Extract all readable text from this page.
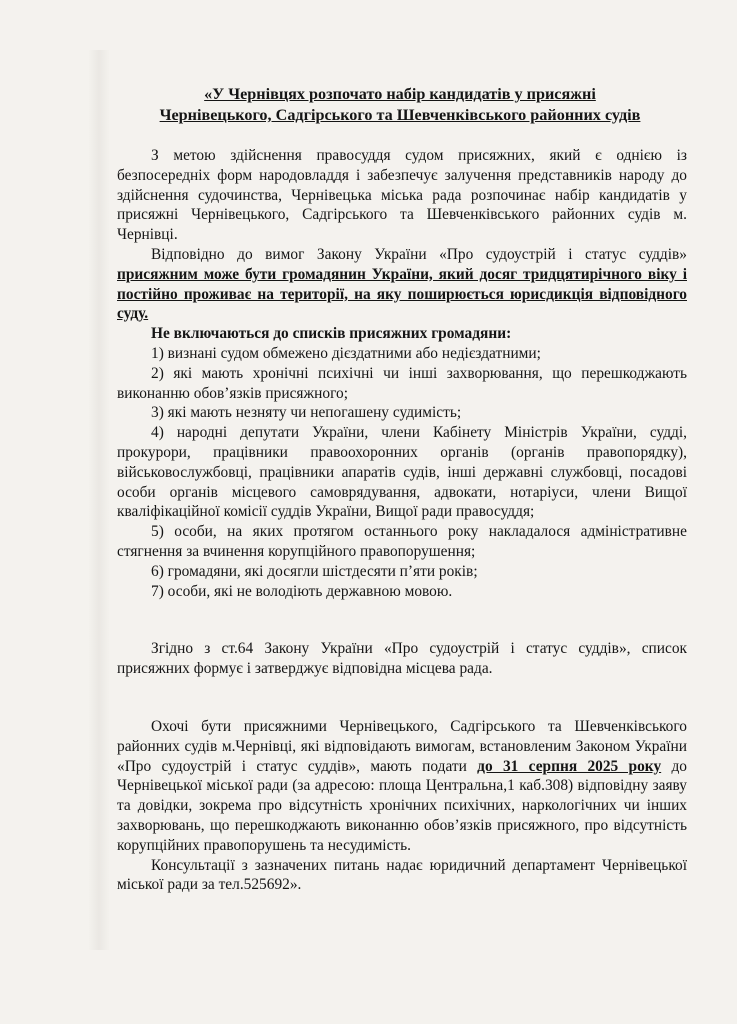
«У Чернівцях розпочато набір кандидатів у присяжні
Чернівецького, Садгірського та Шевченківського районних судів

З метою здійснення правосуддя судом присяжних, який є однією із безпосередніх форм народовладдя і забезпечує залучення представників народу до здійснення судочинства, Чернівецька міська рада розпочинає набір кандидатів у присяжні Чернівецького, Садгірського та Шевченківського районних судів м. Чернівці.

Відповідно до вимог Закону України «Про судоустрій і статус суддів» присяжним може бути громадянин України, який досяг тридцятирічного віку і постійно проживає на території, на яку поширюється юрисдикція відповідного суду.

Не включаються до списків присяжних громадяни:

1) визнані судом обмежено дієздатними або недієздатними;

2) які мають хронічні психічні чи інші захворювання, що перешкоджають виконанню обов’язків присяжного;

3) які мають незняту чи непогашену судимість;

4) народні депутати України, члени Кабінету Міністрів України, судді, прокурори, працівники правоохоронних органів (органів правопорядку), військовослужбовці, працівники апаратів судів, інші державні службовці, посадові особи органів місцевого самоврядування, адвокати, нотаріуси, члени Вищої кваліфікаційної комісії суддів України, Вищої ради правосуддя;

5) особи, на яких протягом останнього року накладалося адміністративне стягнення за вчинення корупційного правопорушення;

6) громадяни, які досягли шістдесяти п’яти років;

7) особи, які не володіють державною мовою.

Згідно з ст.64 Закону України «Про судоустрій і статус суддів», список присяжних формує і затверджує відповідна місцева рада.

Охочі бути присяжними Чернівецького, Садгірського та Шевченківського районних судів м.Чернівці, які відповідають вимогам, встановленим Законом України «Про судоустрій і статус суддів», мають подати до 31 серпня 2025 року до Чернівецької міської ради (за адресою: площа Центральна,1 каб.308) відповідну заяву та довідки, зокрема про відсутність хронічних психічних, наркологічних чи інших захворювань, що перешкоджають виконанню обов’язків присяжного, про відсутність корупційних правопорушень та несудимість.

Консультації з зазначених питань надає юридичний департамент Чернівецької міської ради за тел.525692».
